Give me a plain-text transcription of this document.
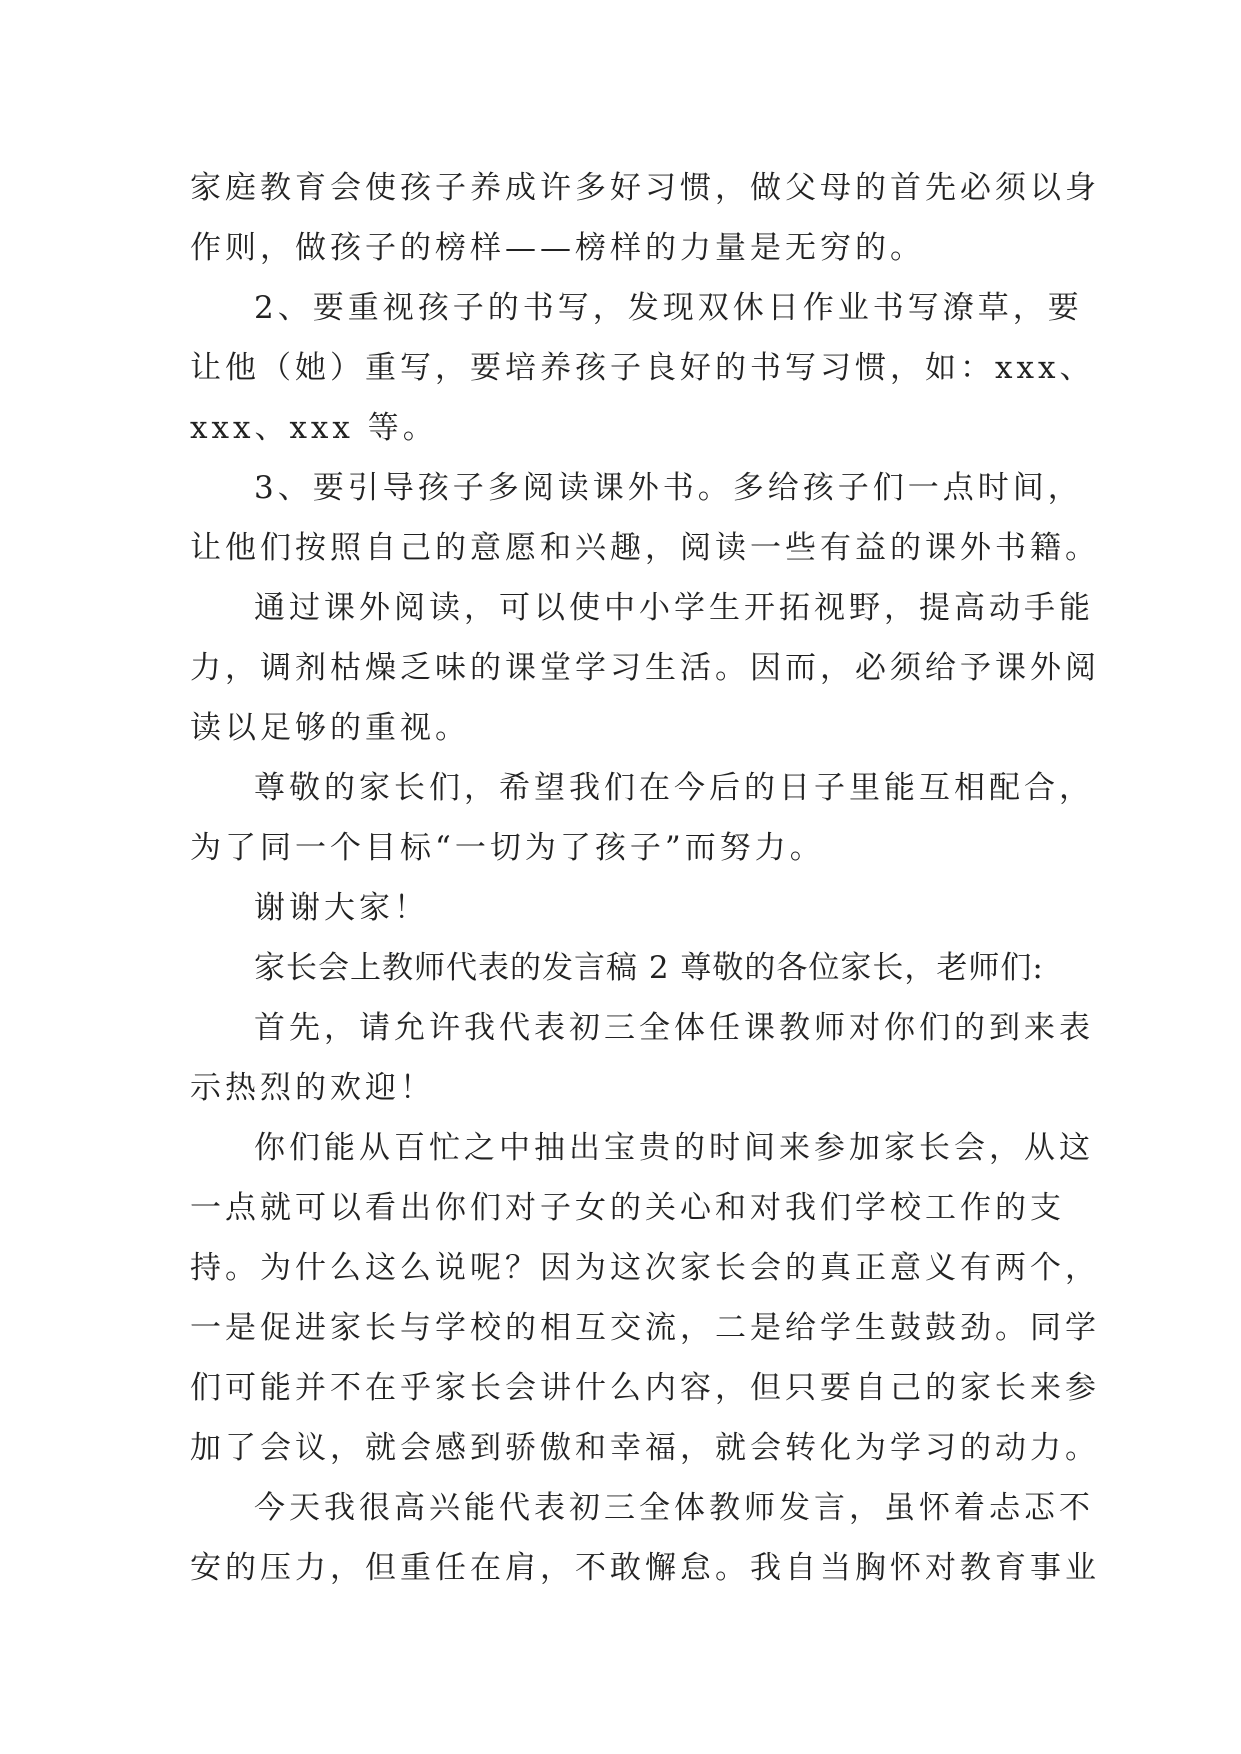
家庭教育会使孩子养成许多好习惯，做父母的首先必须以身
作则，做孩子的榜样——榜样的力量是无穷的。
2、要重视孩子的书写，发现双休日作业书写潦草，要
让他（她）重写，要培养孩子良好的书写习惯，如：xxx、
xxx、xxx 等。
3、要引导孩子多阅读课外书。多给孩子们一点时间，
让他们按照自己的意愿和兴趣，阅读一些有益的课外书籍。
通过课外阅读，可以使中小学生开拓视野，提高动手能
力，调剂枯燥乏味的课堂学习生活。因而，必须给予课外阅
读以足够的重视。
尊敬的家长们，希望我们在今后的日子里能互相配合，
为了同一个目标“一切为了孩子”而努力。
谢谢大家！
家长会上教师代表的发言稿 2 尊敬的各位家长，老师们:
首先，请允许我代表初三全体任课教师对你们的到来表
示热烈的欢迎！
你们能从百忙之中抽出宝贵的时间来参加家长会，从这
一点就可以看出你们对子女的关心和对我们学校工作的支
持。为什么这么说呢？因为这次家长会的真正意义有两个，
一是促进家长与学校的相互交流，二是给学生鼓鼓劲。同学
们可能并不在乎家长会讲什么内容，但只要自己的家长来参
加了会议，就会感到骄傲和幸福，就会转化为学习的动力。
今天我很高兴能代表初三全体教师发言，虽怀着忐忑不
安的压力，但重任在肩，不敢懈怠。我自当胸怀对教育事业
